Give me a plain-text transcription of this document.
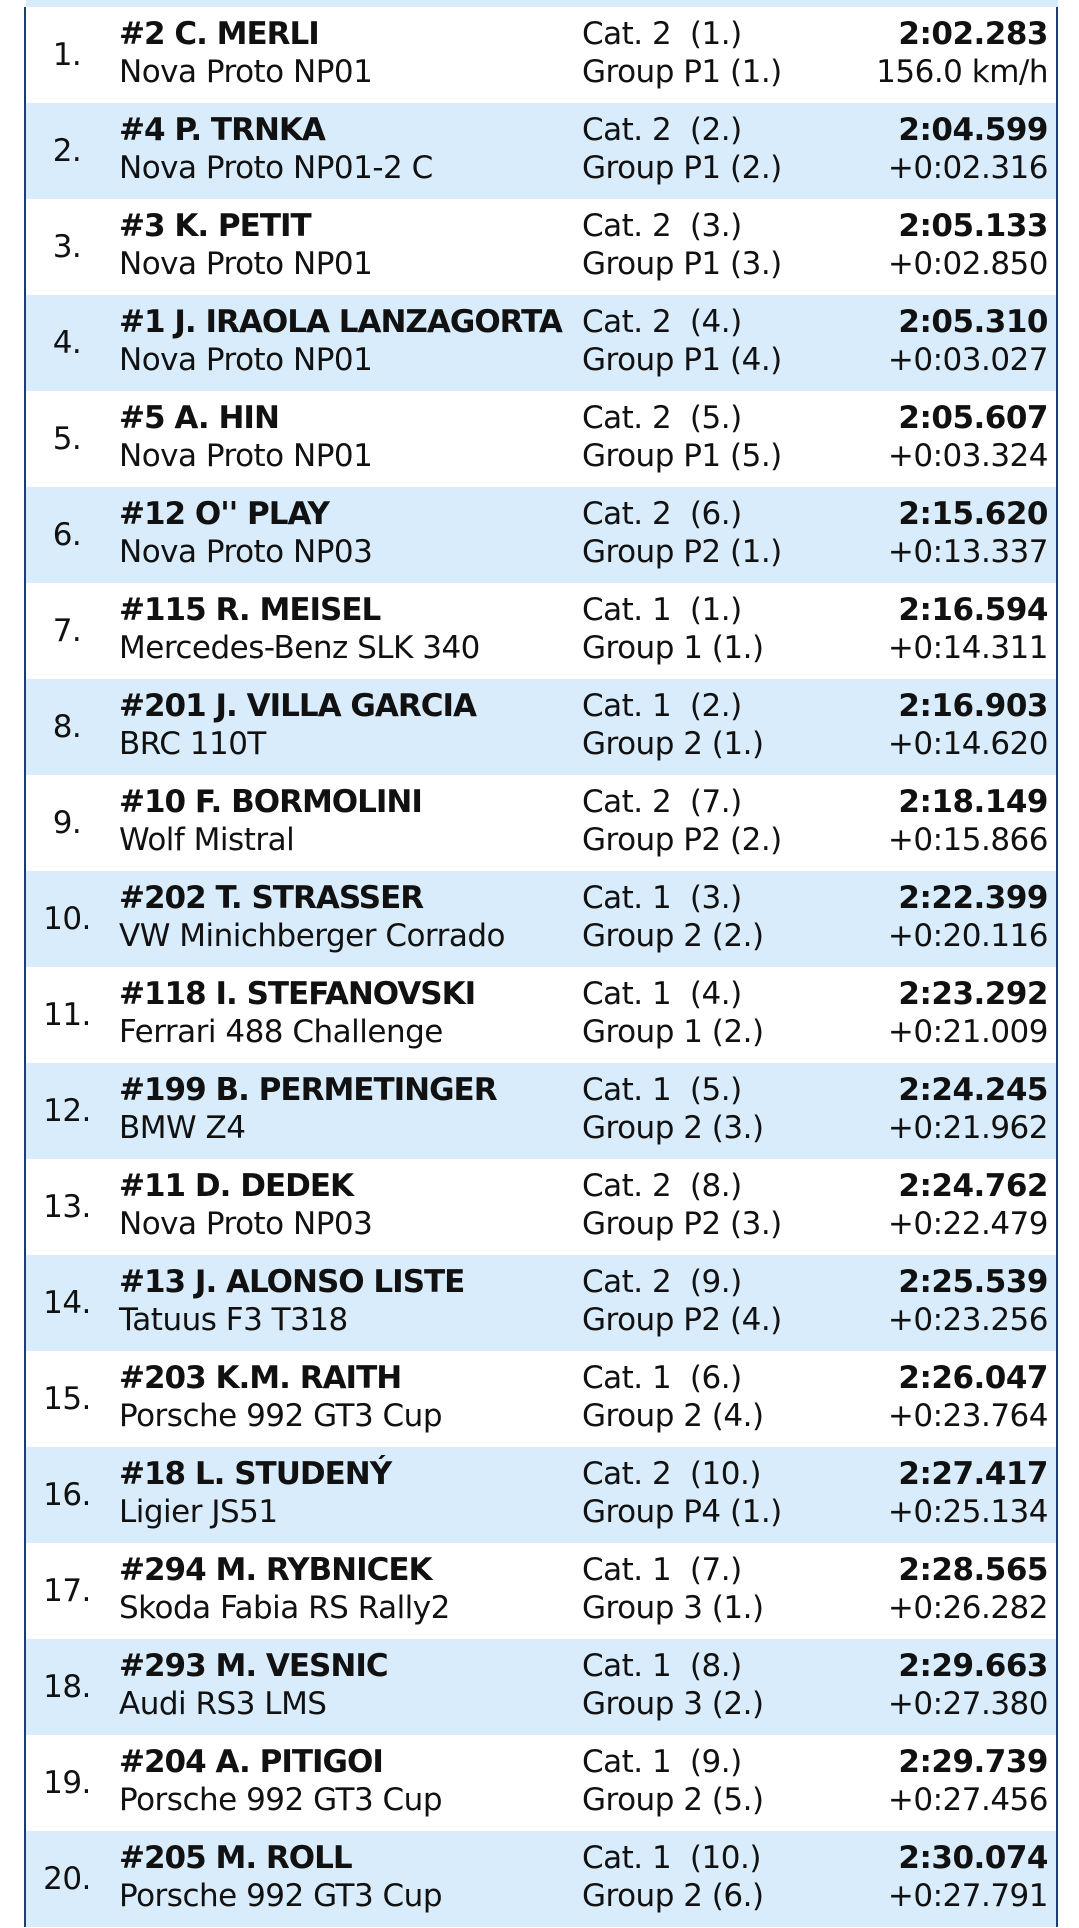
1.
#2 C. MERLI
Nova Proto NP01
Cat. 2  (1.)
Group P1 (1.)
2:02.283
156.0 km/h
2.
#4 P. TRNKA
Nova Proto NP01-2 C
Cat. 2  (2.)
Group P1 (2.)
2:04.599
+0:02.316
3.
#3 K. PETIT
Nova Proto NP01
Cat. 2  (3.)
Group P1 (3.)
2:05.133
+0:02.850
4.
#1 J. IRAOLA LANZAGORTA
Nova Proto NP01
Cat. 2  (4.)
Group P1 (4.)
2:05.310
+0:03.027
5.
#5 A. HIN
Nova Proto NP01
Cat. 2  (5.)
Group P1 (5.)
2:05.607
+0:03.324
6.
#12 O'' PLAY
Nova Proto NP03
Cat. 2  (6.)
Group P2 (1.)
2:15.620
+0:13.337
7.
#115 R. MEISEL
Mercedes-Benz SLK 340
Cat. 1  (1.)
Group 1 (1.)
2:16.594
+0:14.311
8.
#201 J. VILLA GARCIA
BRC 110T
Cat. 1  (2.)
Group 2 (1.)
2:16.903
+0:14.620
9.
#10 F. BORMOLINI
Wolf Mistral
Cat. 2  (7.)
Group P2 (2.)
2:18.149
+0:15.866
10.
#202 T. STRASSER
VW Minichberger Corrado
Cat. 1  (3.)
Group 2 (2.)
2:22.399
+0:20.116
11.
#118 I. STEFANOVSKI
Ferrari 488 Challenge
Cat. 1  (4.)
Group 1 (2.)
2:23.292
+0:21.009
12.
#199 B. PERMETINGER
BMW Z4
Cat. 1  (5.)
Group 2 (3.)
2:24.245
+0:21.962
13.
#11 D. DEDEK
Nova Proto NP03
Cat. 2  (8.)
Group P2 (3.)
2:24.762
+0:22.479
14.
#13 J. ALONSO LISTE
Tatuus F3 T318
Cat. 2  (9.)
Group P2 (4.)
2:25.539
+0:23.256
15.
#203 K.M. RAITH
Porsche 992 GT3 Cup
Cat. 1  (6.)
Group 2 (4.)
2:26.047
+0:23.764
16.
#18 L. STUDENÝ
Ligier JS51
Cat. 2  (10.)
Group P4 (1.)
2:27.417
+0:25.134
17.
#294 M. RYBNICEK
Skoda Fabia RS Rally2
Cat. 1  (7.)
Group 3 (1.)
2:28.565
+0:26.282
18.
#293 M. VESNIC
Audi RS3 LMS
Cat. 1  (8.)
Group 3 (2.)
2:29.663
+0:27.380
19.
#204 A. PITIGOI
Porsche 992 GT3 Cup
Cat. 1  (9.)
Group 2 (5.)
2:29.739
+0:27.456
20.
#205 M. ROLL
Porsche 992 GT3 Cup
Cat. 1  (10.)
Group 2 (6.)
2:30.074
+0:27.791
